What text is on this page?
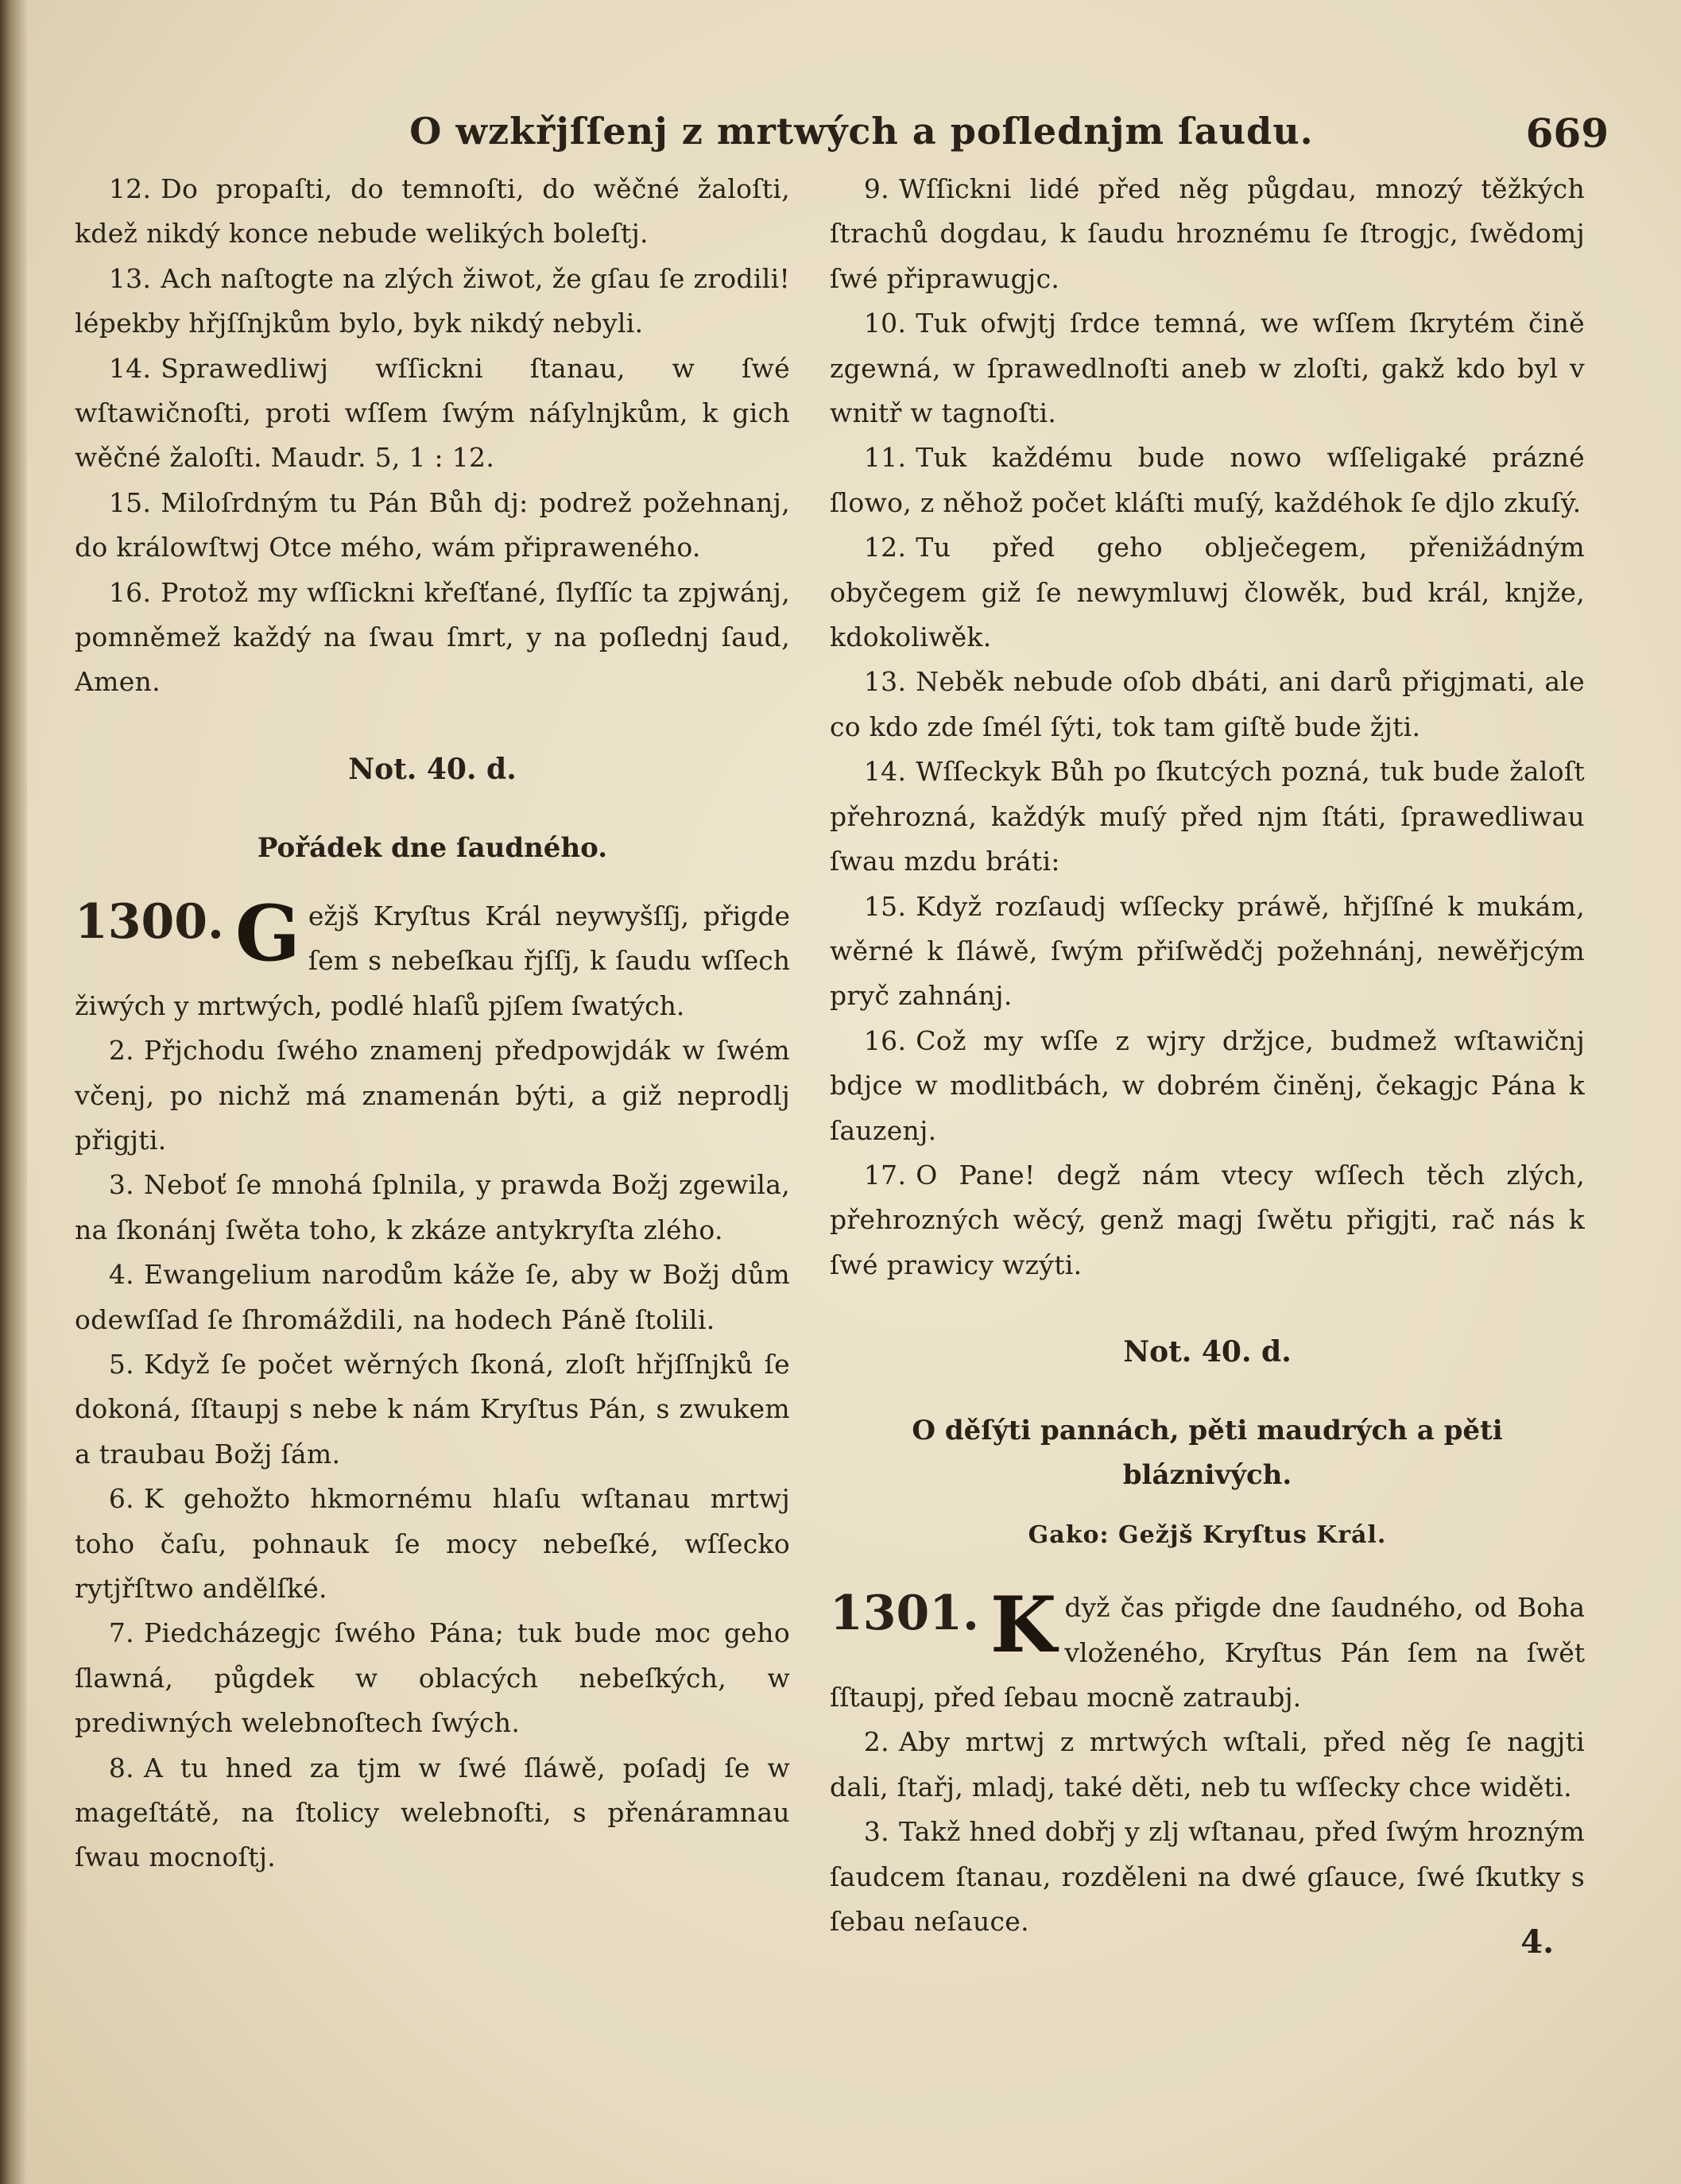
O wzkřjſſenj z mrtwých a poſlednjm ſaudu.	669

12. Do propaſti, do temnoſti, do wěčné žaloſti, kdež nikdý konce nebude welikých boleſtj.

13. Ach naſtogte na zlých žiwot, že gſau ſe zrodili! lépekby hřjſſnjkům bylo, byk nikdý nebyli.

14. Sprawedliwj wſſickni ſtanau, w ſwé wſtawičnoſti, proti wſſem ſwým náſylnjkům, k gich wěčné žaloſti. Maudr. 5, 1 : 12.

15. Miloſrdným tu Pán Bůh dj: podrež požehnanj, do králowſtwj Otce mého, wám připraweného.

16. Protož my wſſickni křeſťané, ſlyſſíc ta zpjwánj, pomněmež každý na ſwau ſmrt, y na poſlednj ſaud, Amen.

Not. 40. d.
Pořádek dne ſaudného.
1300. G ežjš Kryſtus Král neywyšſſj, přigde ſem s nebeſkau řjſſj, k ſaudu wſſech žiwých y mrtwých, podlé hlaſů pjſem ſwatých.

2. Přjchodu ſwého znamenj předpowjdák w ſwém včenj, po nichž má znamenán býti, a giž neprodlj přigjti.

3. Neboť ſe mnohá ſplnila, y prawda Božj zgewila, na ſkonánj ſwěta toho, k zkáze antykryſta zlého.

4. Ewangelium narodům káže ſe, aby w Božj dům odewſſad ſe ſhromáždili, na hodech Páně ſtolili.

5. Když ſe počet wěrných ſkoná, zloſt hřjſſnjků ſe dokoná, ſſtaupj s nebe k nám Kryſtus Pán, s zwukem a traubau Božj ſám.

6. K gehožto hkmornému hlaſu wſtanau mrtwj toho čaſu, pohnauk ſe mocy nebeſké, wſſecko rytjřſtwo andělſké.

7. Piedcházegjc ſwého Pána; tuk bude moc geho ſlawná, půgdek w oblacých nebeſkých, w prediwných welebnoſtech ſwých.

8. A tu hned za tjm w ſwé ſláwě, poſadj ſe w mageſtátě, na ſtolicy welebnoſti, s přenáramnau ſwau mocnoſtj.

9. Wſſickni lidé před něg půgdau, mnozý těžkých ſtrachů dogdau, k ſaudu hroznému ſe ſtrogjc, ſwědomj ſwé připrawugjc.

10. Tuk ofwjtj ſrdce temná, we wſſem ſkrytém čině zgewná, w ſprawedlnoſti aneb w zloſti, gakž kdo byl v wnitř w tagnoſti.

11. Tuk každému bude nowo wſſeligaké prázné ſlowo, z něhož počet kláſti muſý, každéhok ſe djlo zkuſý.

12. Tu před geho oblječegem, přenižádným obyčegem giž ſe newymluwj člowěk, bud král, knjže, kdokoliwěk.

13. Neběk nebude oſob dbáti, ani darů přigjmati, ale co kdo zde ſmél ſýti, tok tam giſtě bude žjti.

14. Wſſeckyk Bůh po ſkutcých pozná, tuk bude žaloſt přehrozná, každýk muſý před njm ſtáti, ſprawedliwau ſwau mzdu bráti:

15. Když rozſaudj wſſecky práwě, hřjſſné k mukám, wěrné k ſláwě, ſwým přiſwědčj požehnánj, newěřjcým pryč zahnánj.

16. Což my wſſe z wjry držjce, budmež wſtawičnj bdjce w modlitbách, w dobrém činěnj, čekagjc Pána k ſauzenj.

17. O Pane! degž nám vtecy wſſech těch zlých, přehrozných wěcý, genž magj ſwětu přigjti, rač nás k ſwé prawicy wzýti.

Not. 40. d.
O děſýti pannách, pěti maudrých a pěti bláznivých.
Gako: Gežjš Kryſtus Král.
1301. K dyž čas přigde dne ſaudného, od Boha vloženého, Kryſtus Pán ſem na ſwět ſſtaupj, před ſebau mocně zatraubj.

2. Aby mrtwj z mrtwých wſtali, před něg ſe nagjti dali, ſtařj, mladj, také děti, neb tu wſſecky chce widěti.

3. Takž hned dobřj y zlj wſtanau, před ſwým hrozným ſaudcem ſtanau, rozděleni na dwé gſauce, ſwé ſkutky s ſebau neſauce.

4.
